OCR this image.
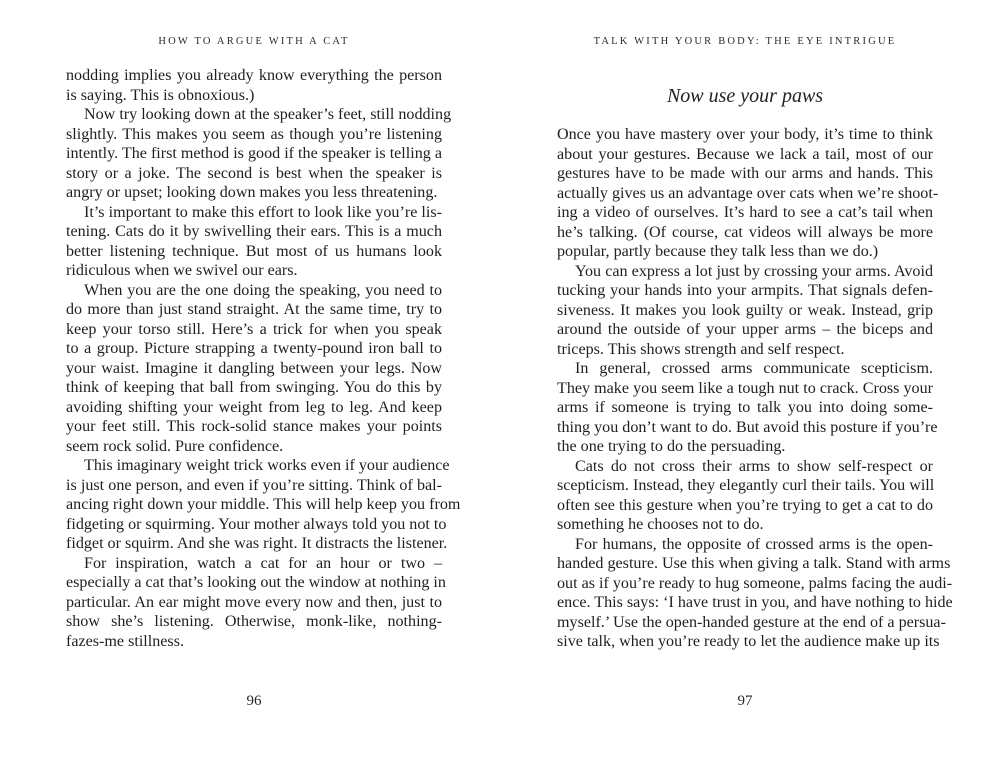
HOW TO ARGUE WITH A CAT
nodding implies you already know everything the person
is saying. This is obnoxious.)
Now try looking down at the speaker’s feet, still nodding
slightly. This makes you seem as though you’re listening
intently. The first method is good if the speaker is telling a
story or a joke. The second is best when the speaker is
angry or upset; looking down makes you less threatening.
It’s important to make this effort to look like you’re lis-
tening. Cats do it by swivelling their ears. This is a much
better listening technique. But most of us humans look
ridiculous when we swivel our ears.
When you are the one doing the speaking, you need to
do more than just stand straight. At the same time, try to
keep your torso still. Here’s a trick for when you speak
to a group. Picture strapping a twenty-pound iron ball to
your waist. Imagine it dangling between your legs. Now
think of keeping that ball from swinging. You do this by
avoiding shifting your weight from leg to leg. And keep
your feet still. This rock-solid stance makes your points
seem rock solid. Pure confidence.
This imaginary weight trick works even if your audience
is just one person, and even if you’re sitting. Think of bal-
ancing right down your middle. This will help keep you from
fidgeting or squirming. Your mother always told you not to
fidget or squirm. And she was right. It distracts the listener.
For inspiration, watch a cat for an hour or two –
especially a cat that’s looking out the window at nothing in
particular. An ear might move every now and then, just to
show she’s listening. Otherwise, monk-like, nothing-
fazes-me stillness.
96
TALK WITH YOUR BODY: THE EYE INTRIGUE
Now use your paws
Once you have mastery over your body, it’s time to think
about your gestures. Because we lack a tail, most of our
gestures have to be made with our arms and hands. This
actually gives us an advantage over cats when we’re shoot-
ing a video of ourselves. It’s hard to see a cat’s tail when
he’s talking. (Of course, cat videos will always be more
popular, partly because they talk less than we do.)
You can express a lot just by crossing your arms. Avoid
tucking your hands into your armpits. That signals defen-
siveness. It makes you look guilty or weak. Instead, grip
around the outside of your upper arms – the biceps and
triceps. This shows strength and self respect.
In general, crossed arms communicate scepticism.
They make you seem like a tough nut to crack. Cross your
arms if someone is trying to talk you into doing some-
thing you don’t want to do. But avoid this posture if you’re
the one trying to do the persuading.
Cats do not cross their arms to show self-respect or
scepticism. Instead, they elegantly curl their tails. You will
often see this gesture when you’re trying to get a cat to do
something he chooses not to do.
For humans, the opposite of crossed arms is the open-
handed gesture. Use this when giving a talk. Stand with arms
out as if you’re ready to hug someone, palms facing the audi-
ence. This says: ‘I have trust in you, and have nothing to hide
myself.’ Use the open-handed gesture at the end of a persua-
sive talk, when you’re ready to let the audience make up its
97
